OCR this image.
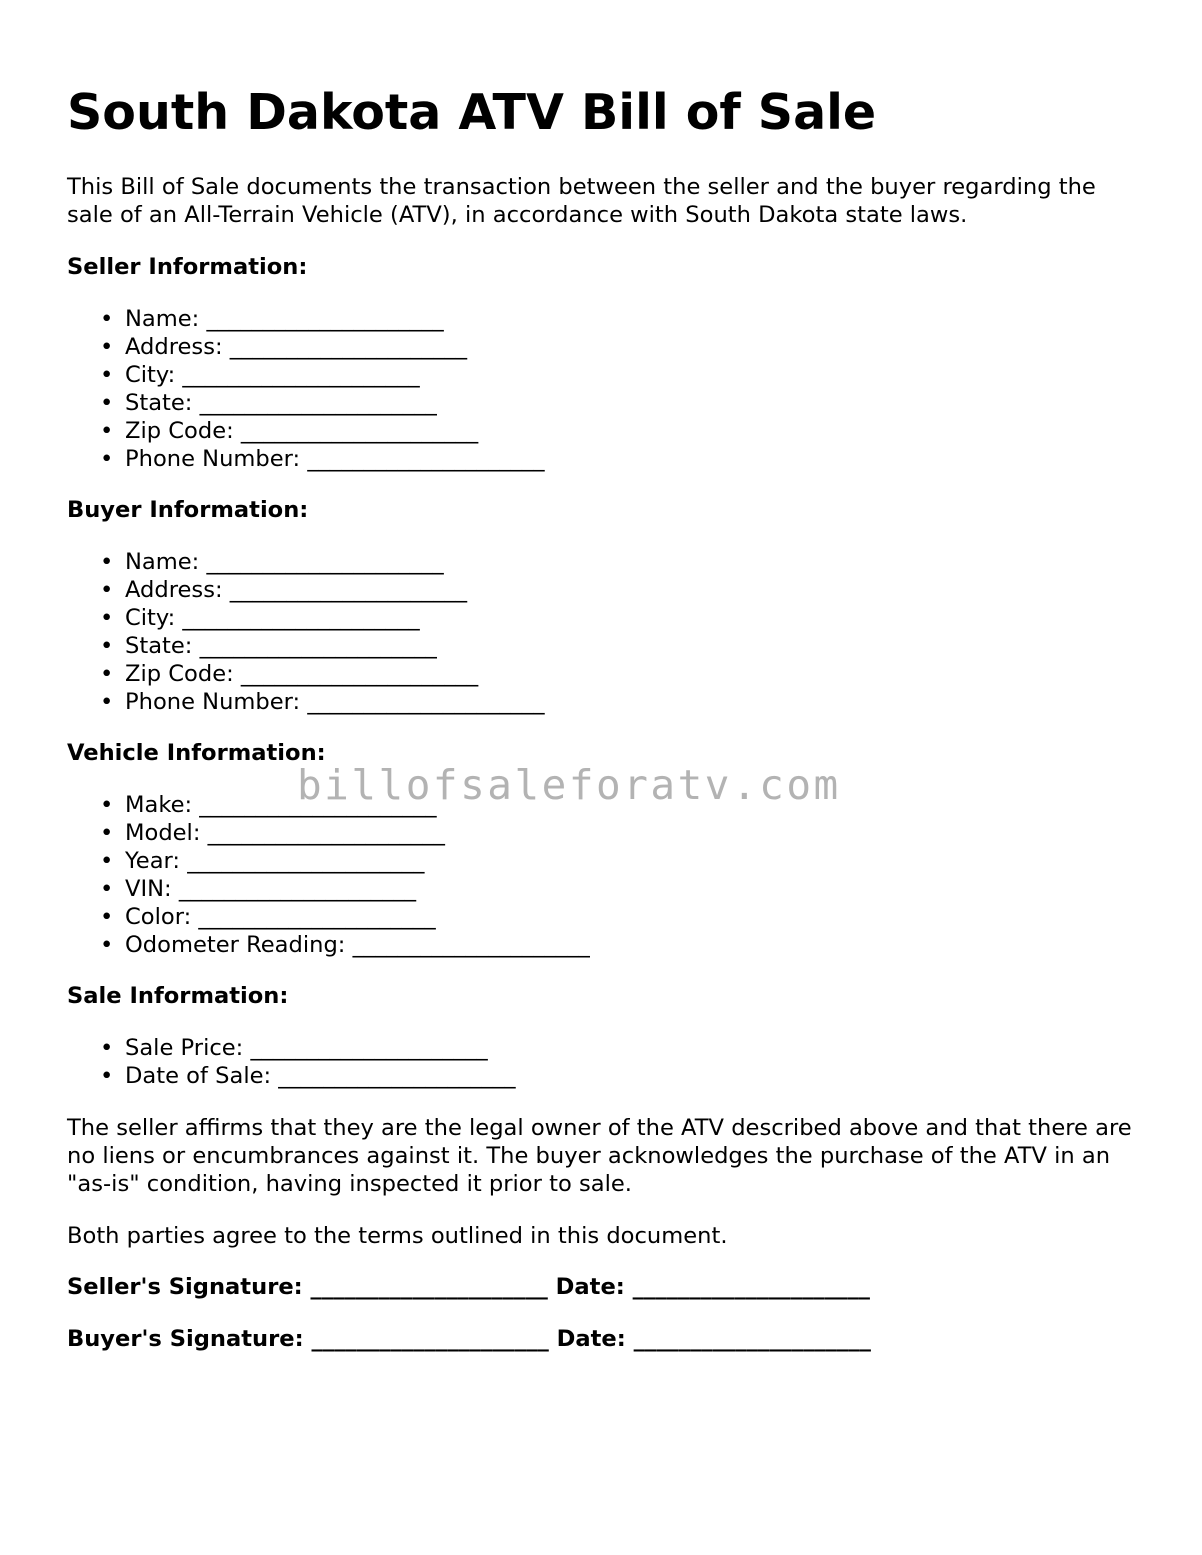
South Dakota ATV Bill of Sale

This Bill of Sale documents the transaction between the seller and the buyer regarding the sale of an All-Terrain Vehicle (ATV), in accordance with South Dakota state laws.

Seller Information:

• Name: _____________________
• Address: _____________________
• City: _____________________
• State: _____________________
• Zip Code: _____________________
• Phone Number: _____________________

Buyer Information:

• Name: _____________________
• Address: _____________________
• City: _____________________
• State: _____________________
• Zip Code: _____________________
• Phone Number: _____________________

Vehicle Information:

• Make: _____________________
• Model: _____________________
• Year: _____________________
• VIN: _____________________
• Color: _____________________
• Odometer Reading: _____________________

Sale Information:

• Sale Price: _____________________
• Date of Sale: _____________________

The seller affirms that they are the legal owner of the ATV described above and that there are no liens or encumbrances against it. The buyer acknowledges the purchase of the ATV in an "as-is" condition, having inspected it prior to sale.

Both parties agree to the terms outlined in this document.

Seller's Signature: _____________________ Date: _____________________
Buyer's Signature: _____________________ Date: _____________________
billofsaleforatv.com
